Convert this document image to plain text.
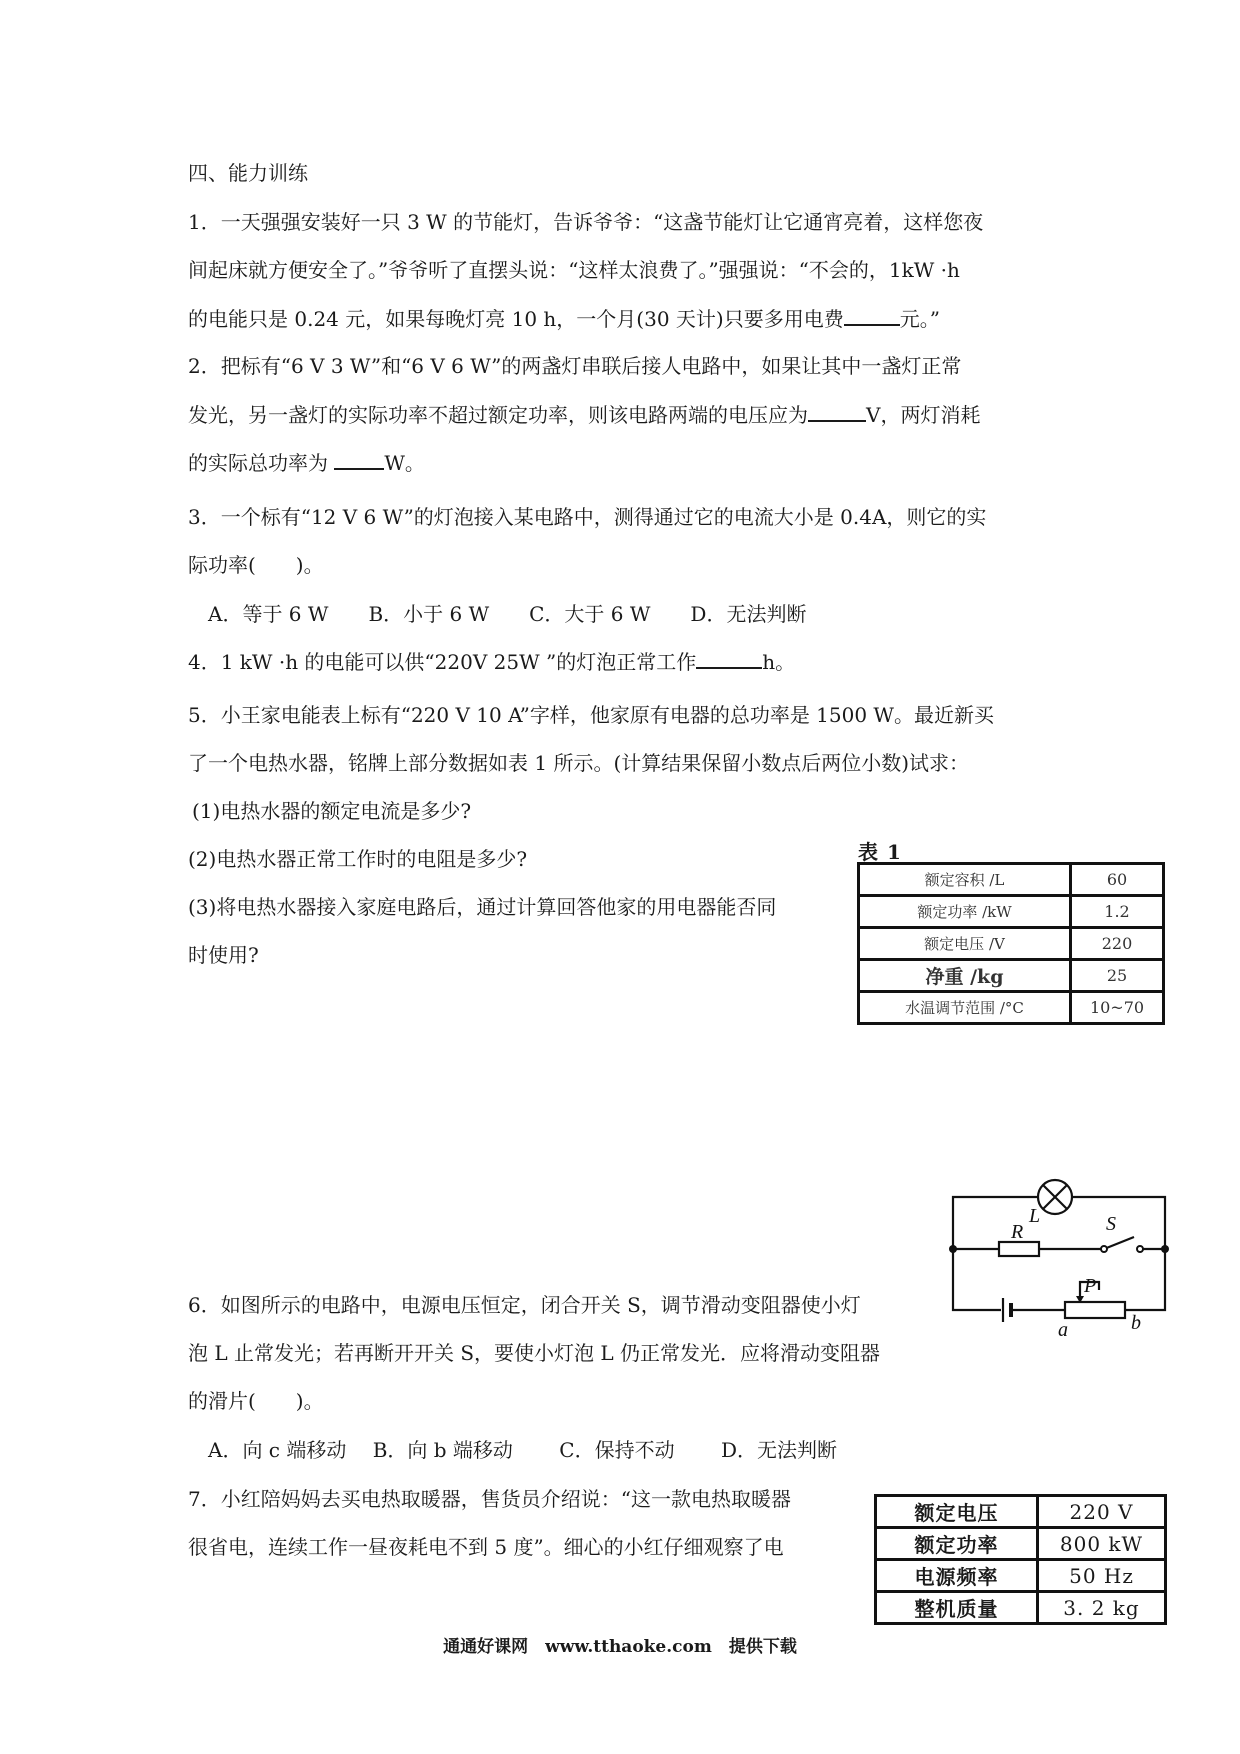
四、能力训练
1．一天强强安装好一只 3 W 的节能灯，告诉爷爷：“这盏节能灯让它通宵亮着，这样您夜
间起床就方便安全了。”爷爷听了直摆头说：“这样太浪费了。”强强说：“不会的，1kW ·h
的电能只是 0.24 元，如果每晚灯亮 10 h，一个月(30 天计)只要多用电费	元。”
2．把标有“6 V 3 W”和“6 V 6 W”的两盏灯串联后接人电路中，如果让其中一盏灯正常
发光，另一盏灯的实际功率不超过额定功率，则该电路两端的电压应为	V，两灯消耗
的实际总功率为	W。
3．一个标有“12 V 6 W”的灯泡接入某电路中，测得通过它的电流大小是 0.4A，则它的实
际功率(　　)。
A．等于 6 W　　B．小于 6 W　　C．大于 6 W　　D．无法判断
4．1 kW ·h 的电能可以供“220V 25W ”的灯泡正常工作	h。
5．小王家电能表上标有“220 V 10 A”字样，他家原有电器的总功率是 1500 W。最近新买
了一个电热水器，铭牌上部分数据如表 1 所示。(计算结果保留小数点后两位小数)试求：
(1)电热水器的额定电流是多少?
(2)电热水器正常工作时的电阻是多少?
(3)将电热水器接入家庭电路后，通过计算回答他家的用电器能否同
时使用?
表 1
额定容积 /L	60
额定功率 /kW	1.2
额定电压 /V	220
净重 /kg	25
水温调节范围 /°C	10~70
L
R	S
P
a	b
6．如图所示的电路中，电源电压恒定，闭合开关 S，调节滑动变阻器使小灯
泡 L 止常发光；若再断开开关 S，要使小灯泡 L 仍正常发光．应将滑动变阻器
的滑片(　　)。
A．向 c 端移动　 B．向 b 端移动　　 C．保持不动　　 D．无法判断
7．小红陪妈妈去买电热取暖器，售货员介绍说：“这一款电热取暖器
很省电，连续工作一昼夜耗电不到 5 度”。细心的小红仔细观察了电
额定电压	220 V
额定功率	800 kW
电源频率	50 Hz
整机质量	3. 2 kg
通通好课网　www.tthaoke.com　提供下载
